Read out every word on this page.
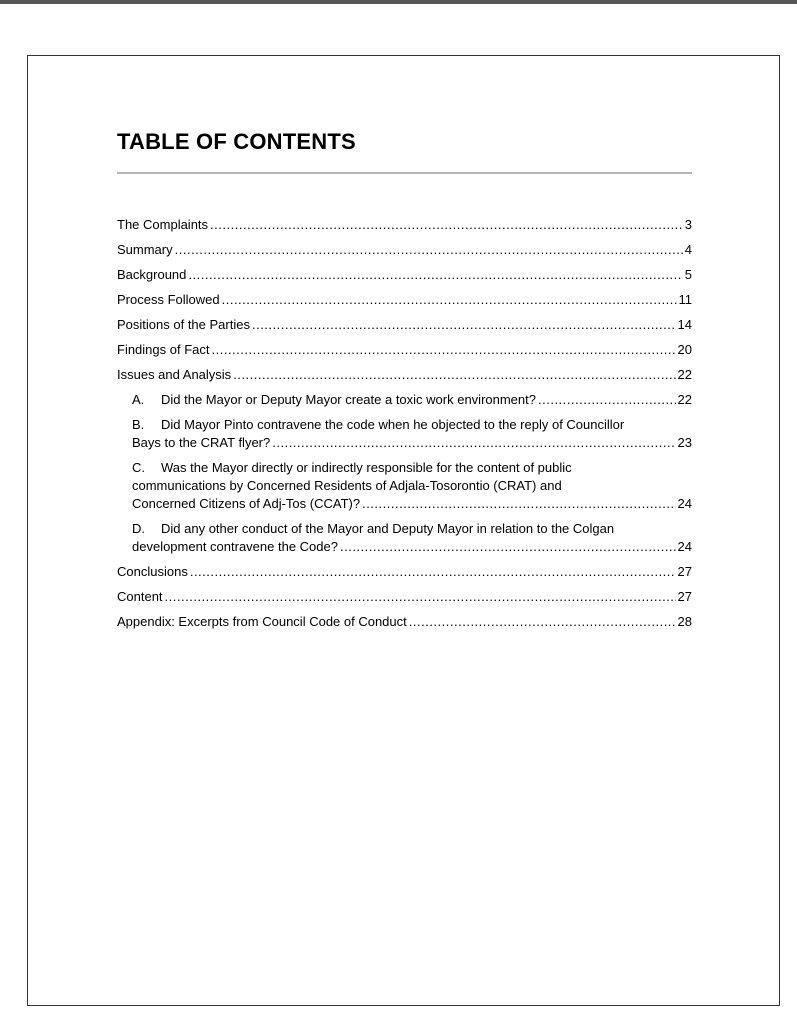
TABLE OF CONTENTS
The Complaints .....	3
Summary .....	4
Background .....	5
Process Followed .....	11
Positions of the Parties .....	14
Findings of Fact .....	20
Issues and Analysis .....	22
A. Did the Mayor or Deputy Mayor create a toxic work environment? .....	22
B. Did Mayor Pinto contravene the code when he objected to the reply of Councillor
Bays to the CRAT flyer? .....	23
C. Was the Mayor directly or indirectly responsible for the content of public
communications by Concerned Residents of Adjala-Tosorontio (CRAT) and
Concerned Citizens of Adj-Tos (CCAT)? .....	24
D. Did any other conduct of the Mayor and Deputy Mayor in relation to the Colgan
development contravene the Code? .....	24
Conclusions .....	27
Content .....	27
Appendix: Excerpts from Council Code of Conduct .....	28
